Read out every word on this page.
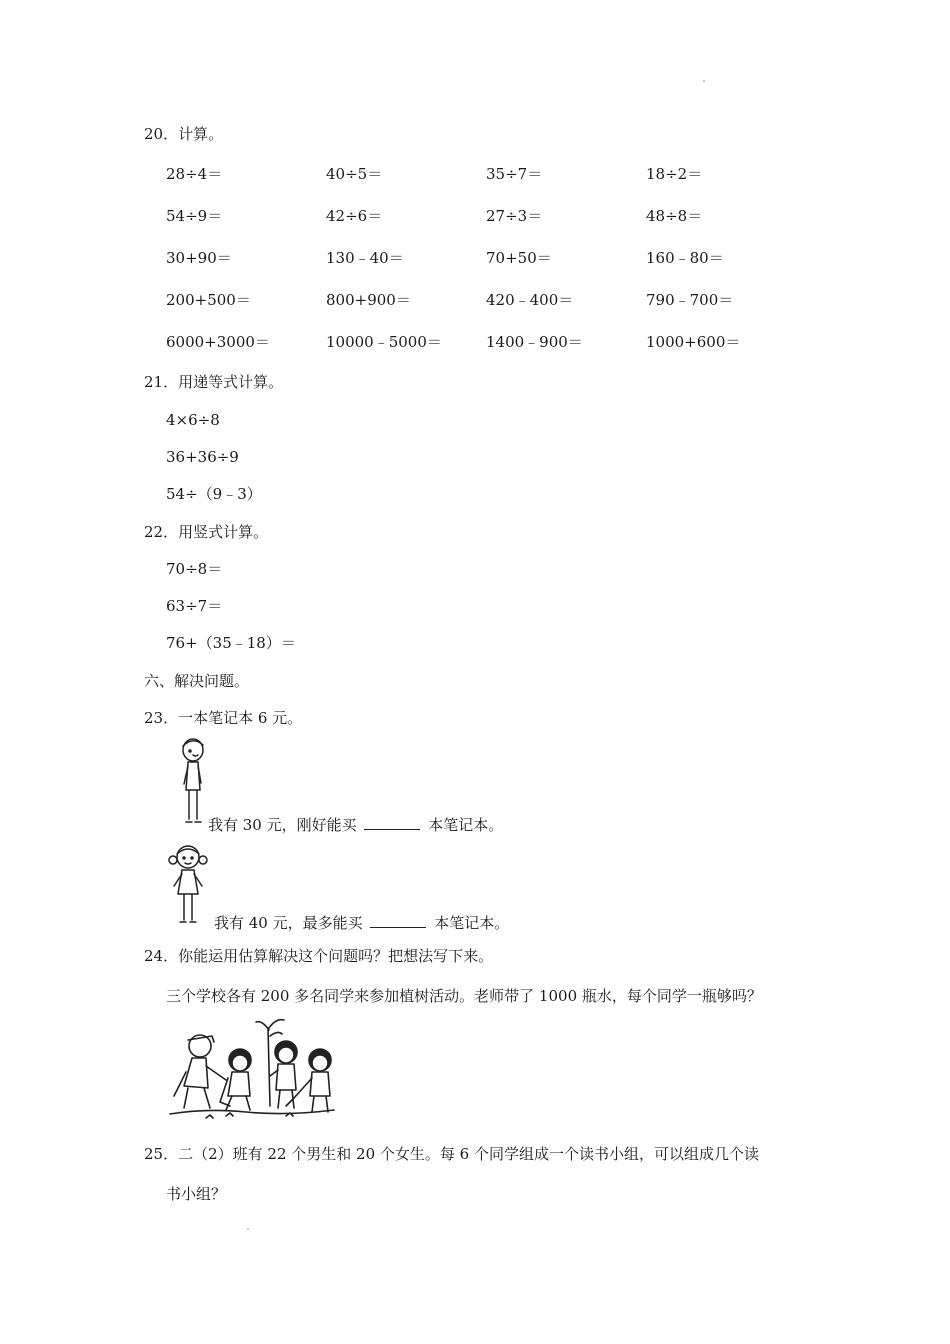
20．计算。
28÷4＝	40÷5＝	35÷7＝	18÷2＝
54÷9＝	42÷6＝	27÷3＝	48÷8＝
30+90＝	130﹣40＝	70+50＝	160﹣80＝
200+500＝	800+900＝	420﹣400＝	790﹣700＝
6000+3000＝	10000﹣5000＝	1400﹣900＝	1000+600＝
21．用递等式计算。
4×6÷8
36+36÷9
54÷（9﹣3）
22．用竖式计算。
70÷8＝
63÷7＝
76+（35﹣18）＝
六、解决问题。
23．一本笔记本 6 元。
我有 30 元，刚好能买	本笔记本。
我有 40 元，最多能买	本笔记本。
24．你能运用估算解决这个问题吗？把想法写下来。
三个学校各有 200 多名同学来参加植树活动。老师带了 1000 瓶水，每个同学一瓶够吗？
25．二（2）班有 22 个男生和 20 个女生。每 6 个同学组成一个读书小组，可以组成几个读
书小组？
